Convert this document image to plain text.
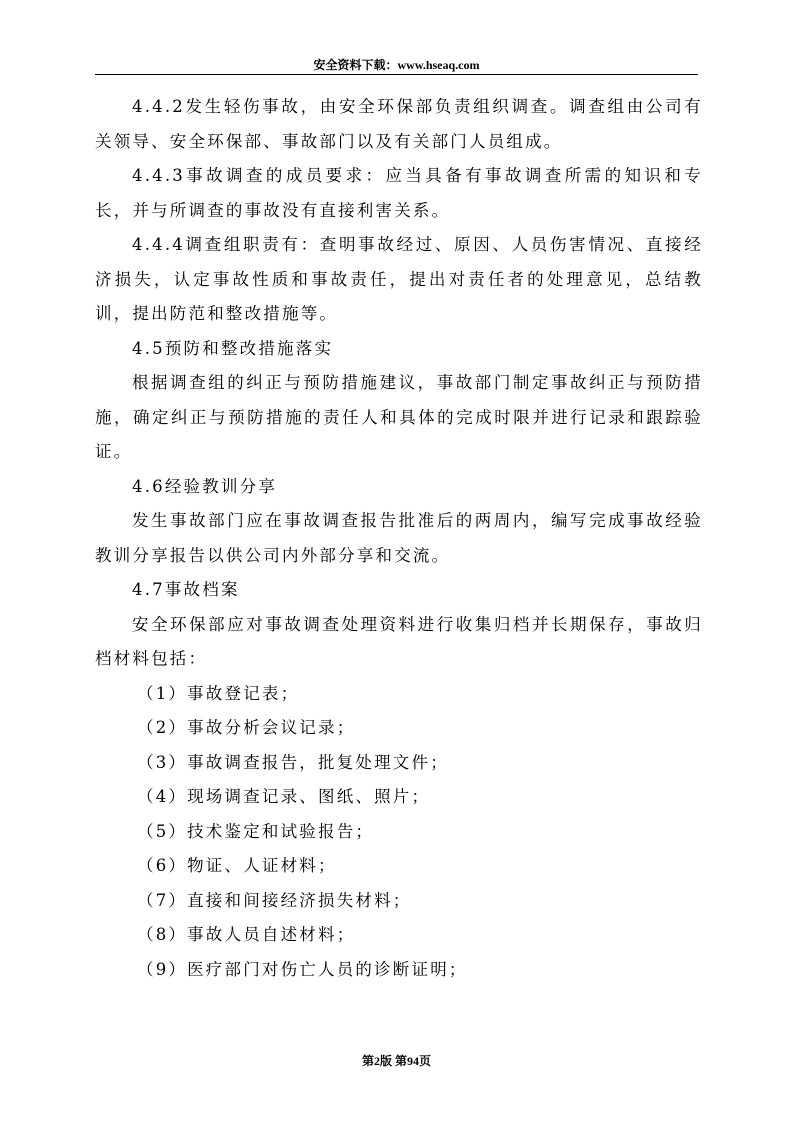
安全资料下载：www.hseaq.com

4.4.2发生轻伤事故，由安全环保部负责组织调查。调查组由公司有关领导、安全环保部、事故部门以及有关部门人员组成。

4.4.3事故调查的成员要求：应当具备有事故调查所需的知识和专长，并与所调查的事故没有直接利害关系。

4.4.4调查组职责有：查明事故经过、原因、人员伤害情况、直接经济损失，认定事故性质和事故责任，提出对责任者的处理意见，总结教训，提出防范和整改措施等。

4.5预防和整改措施落实

根据调查组的纠正与预防措施建议，事故部门制定事故纠正与预防措施，确定纠正与预防措施的责任人和具体的完成时限并进行记录和跟踪验证。

4.6经验教训分享

发生事故部门应在事故调查报告批准后的两周内，编写完成事故经验教训分享报告以供公司内外部分享和交流。

4.7事故档案

安全环保部应对事故调查处理资料进行收集归档并长期保存，事故归档材料包括：

（1）事故登记表；

（2）事故分析会议记录；

（3）事故调查报告，批复处理文件；

（4）现场调查记录、图纸、照片；

（5）技术鉴定和试验报告；

（6）物证、人证材料；

（7）直接和间接经济损失材料；

（8）事故人员自述材料；

（9）医疗部门对伤亡人员的诊断证明；

第2版 第94页
